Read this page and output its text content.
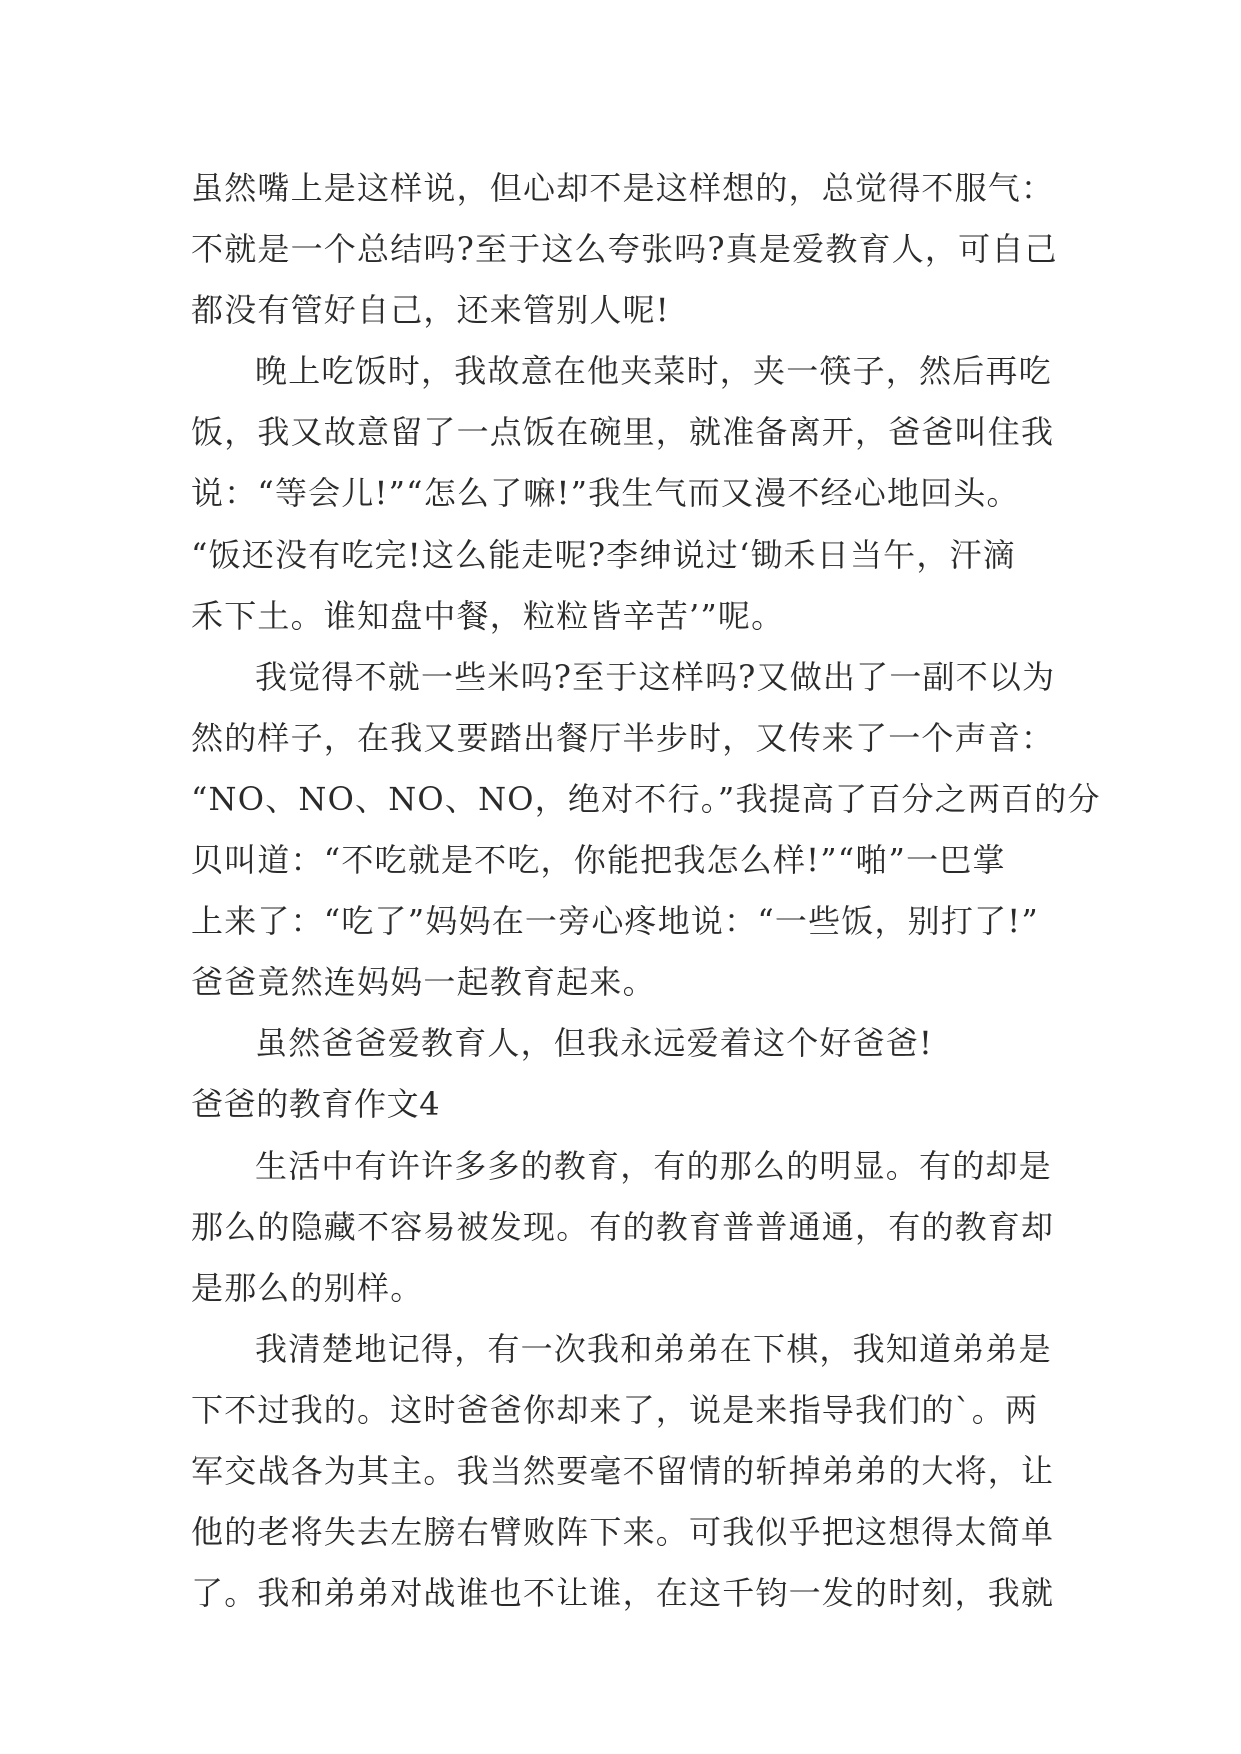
虽然嘴上是这样说，但心却不是这样想的，总觉得不服气：
不就是一个总结吗?至于这么夸张吗?真是爱教育人，可自己
都没有管好自己，还来管别人呢!
晚上吃饭时，我故意在他夹菜时，夹一筷子，然后再吃
饭，我又故意留了一点饭在碗里，就准备离开，爸爸叫住我
说：“等会儿!”“怎么了嘛!”我生气而又漫不经心地回头。
“饭还没有吃完!这么能走呢?李绅说过‘锄禾日当午，汗滴
禾下土。谁知盘中餐，粒粒皆辛苦’”呢。
我觉得不就一些米吗?至于这样吗?又做出了一副不以为
然的样子，在我又要踏出餐厅半步时，又传来了一个声音：
“NO、NO、NO、NO，绝对不行。”我提高了百分之两百的分
贝叫道：“不吃就是不吃，你能把我怎么样!”“啪”一巴掌
上来了：“吃了”妈妈在一旁心疼地说：“一些饭，别打了!”
爸爸竟然连妈妈一起教育起来。
虽然爸爸爱教育人，但我永远爱着这个好爸爸!
爸爸的教育作文4
生活中有许许多多的教育，有的那么的明显。有的却是
那么的隐藏不容易被发现。有的教育普普通通，有的教育却
是那么的别样。
我清楚地记得，有一次我和弟弟在下棋，我知道弟弟是
下不过我的。这时爸爸你却来了，说是来指导我们的`。两
军交战各为其主。我当然要毫不留情的斩掉弟弟的大将，让
他的老将失去左膀右臂败阵下来。可我似乎把这想得太简单
了。我和弟弟对战谁也不让谁，在这千钧一发的时刻，我就
